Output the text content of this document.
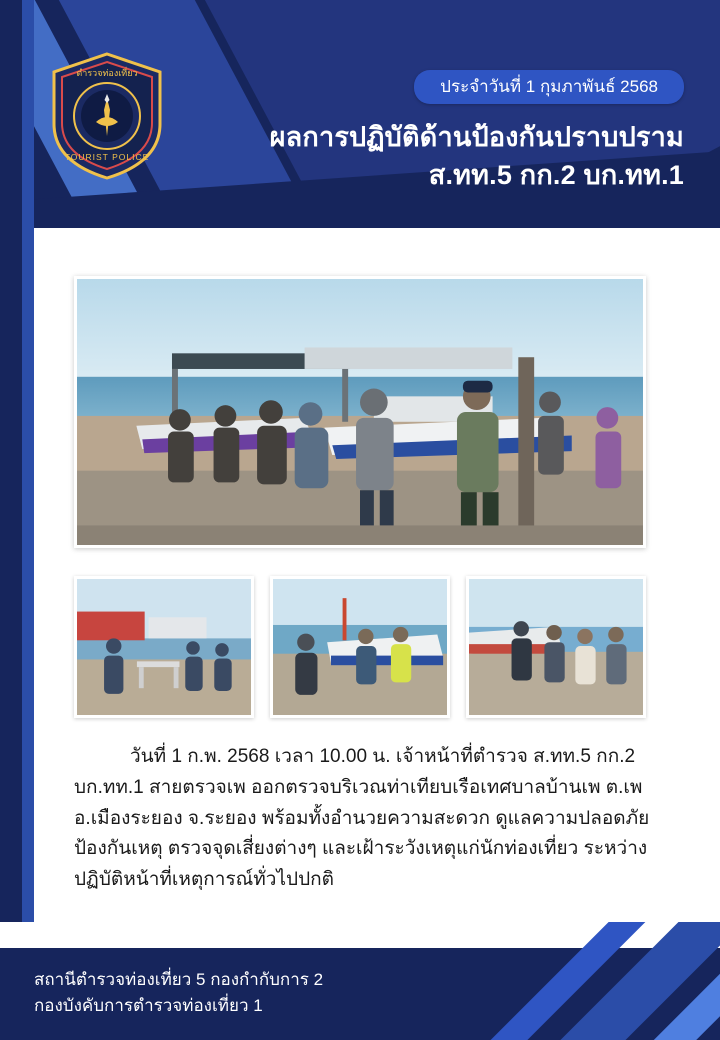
ตำรวจท่องเที่ยว
TOURIST POLICE
ประจำวันที่ 1 กุมภาพันธ์ 2568
ผลการปฏิบัติด้านป้องกันปราบปราม
ส.ทท.5 กก.2 บก.ทท.1
วันที่ 1 ก.พ. 2568 เวลา 10.00 น. เจ้าหน้าที่ตำรวจ ส.ทท.5 กก.2 บก.ทท.1 สายตรวจเพ ออกตรวจบริเวณท่าเทียบเรือเทศบาลบ้านเพ ต.เพ อ.เมืองระยอง จ.ระยอง พร้อมทั้งอำนวยความสะดวก ดูแลความปลอดภัย ป้องกันเหตุ ตรวจจุดเสี่ยงต่างๆ และเฝ้าระวังเหตุแก่นักท่องเที่ยว ระหว่างปฏิบัติหน้าที่เหตุการณ์ทั่วไปปกติ
สถานีตำรวจท่องเที่ยว 5 กองกำกับการ 2
กองบังคับการตำรวจท่องเที่ยว 1
